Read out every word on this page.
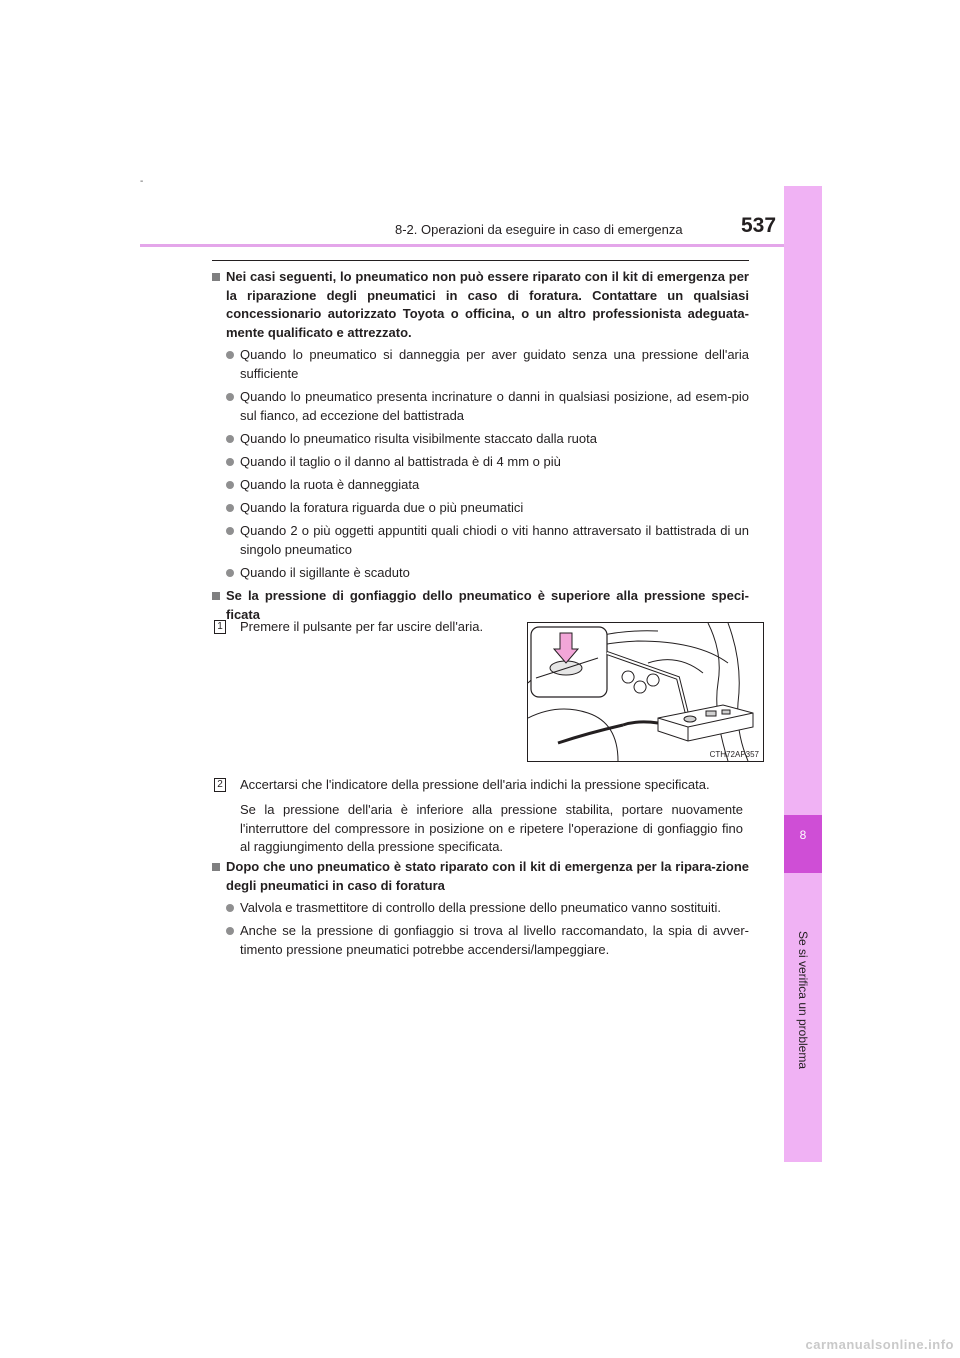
-
8-2. Operazioni da eseguire in caso di emergenza	537
8
Se si verifica un problema
Nei casi seguenti, lo pneumatico non può essere riparato con il kit di emergenza per la riparazione degli pneumatici in caso di foratura. Contattare un qualsiasi concessionario autorizzato Toyota o officina, o un altro professionista adeguata-mente qualificato e attrezzato.
Quando lo pneumatico si danneggia per aver guidato senza una pressione dell'aria sufficiente
Quando lo pneumatico presenta incrinature o danni in qualsiasi posizione, ad esem-pio sul fianco, ad eccezione del battistrada
Quando lo pneumatico risulta visibilmente staccato dalla ruota
Quando il taglio o il danno al battistrada è di 4 mm o più
Quando la ruota è danneggiata
Quando la foratura riguarda due o più pneumatici
Quando 2 o più oggetti appuntiti quali chiodi o viti hanno attraversato il battistrada di un singolo pneumatico
Quando il sigillante è scaduto
Se la pressione di gonfiaggio dello pneumatico è superiore alla pressione speci-ficata
1 Premere il pulsante per far uscire dell'aria.
CTH72AP357
2 Accertarsi che l'indicatore della pressione dell'aria indichi la pressione specificata.
Se la pressione dell'aria è inferiore alla pressione stabilita, portare nuovamente l'interruttore del compressore in posizione on e ripetere l'operazione di gonfiaggio fino al raggiungimento della pressione specificata.
Dopo che uno pneumatico è stato riparato con il kit di emergenza per la ripara-zione degli pneumatici in caso di foratura
Valvola e trasmettitore di controllo della pressione dello pneumatico vanno sostituiti.
Anche se la pressione di gonfiaggio si trova al livello raccomandato, la spia di avver-timento pressione pneumatici potrebbe accendersi/lampeggiare.
carmanualsonline.info
